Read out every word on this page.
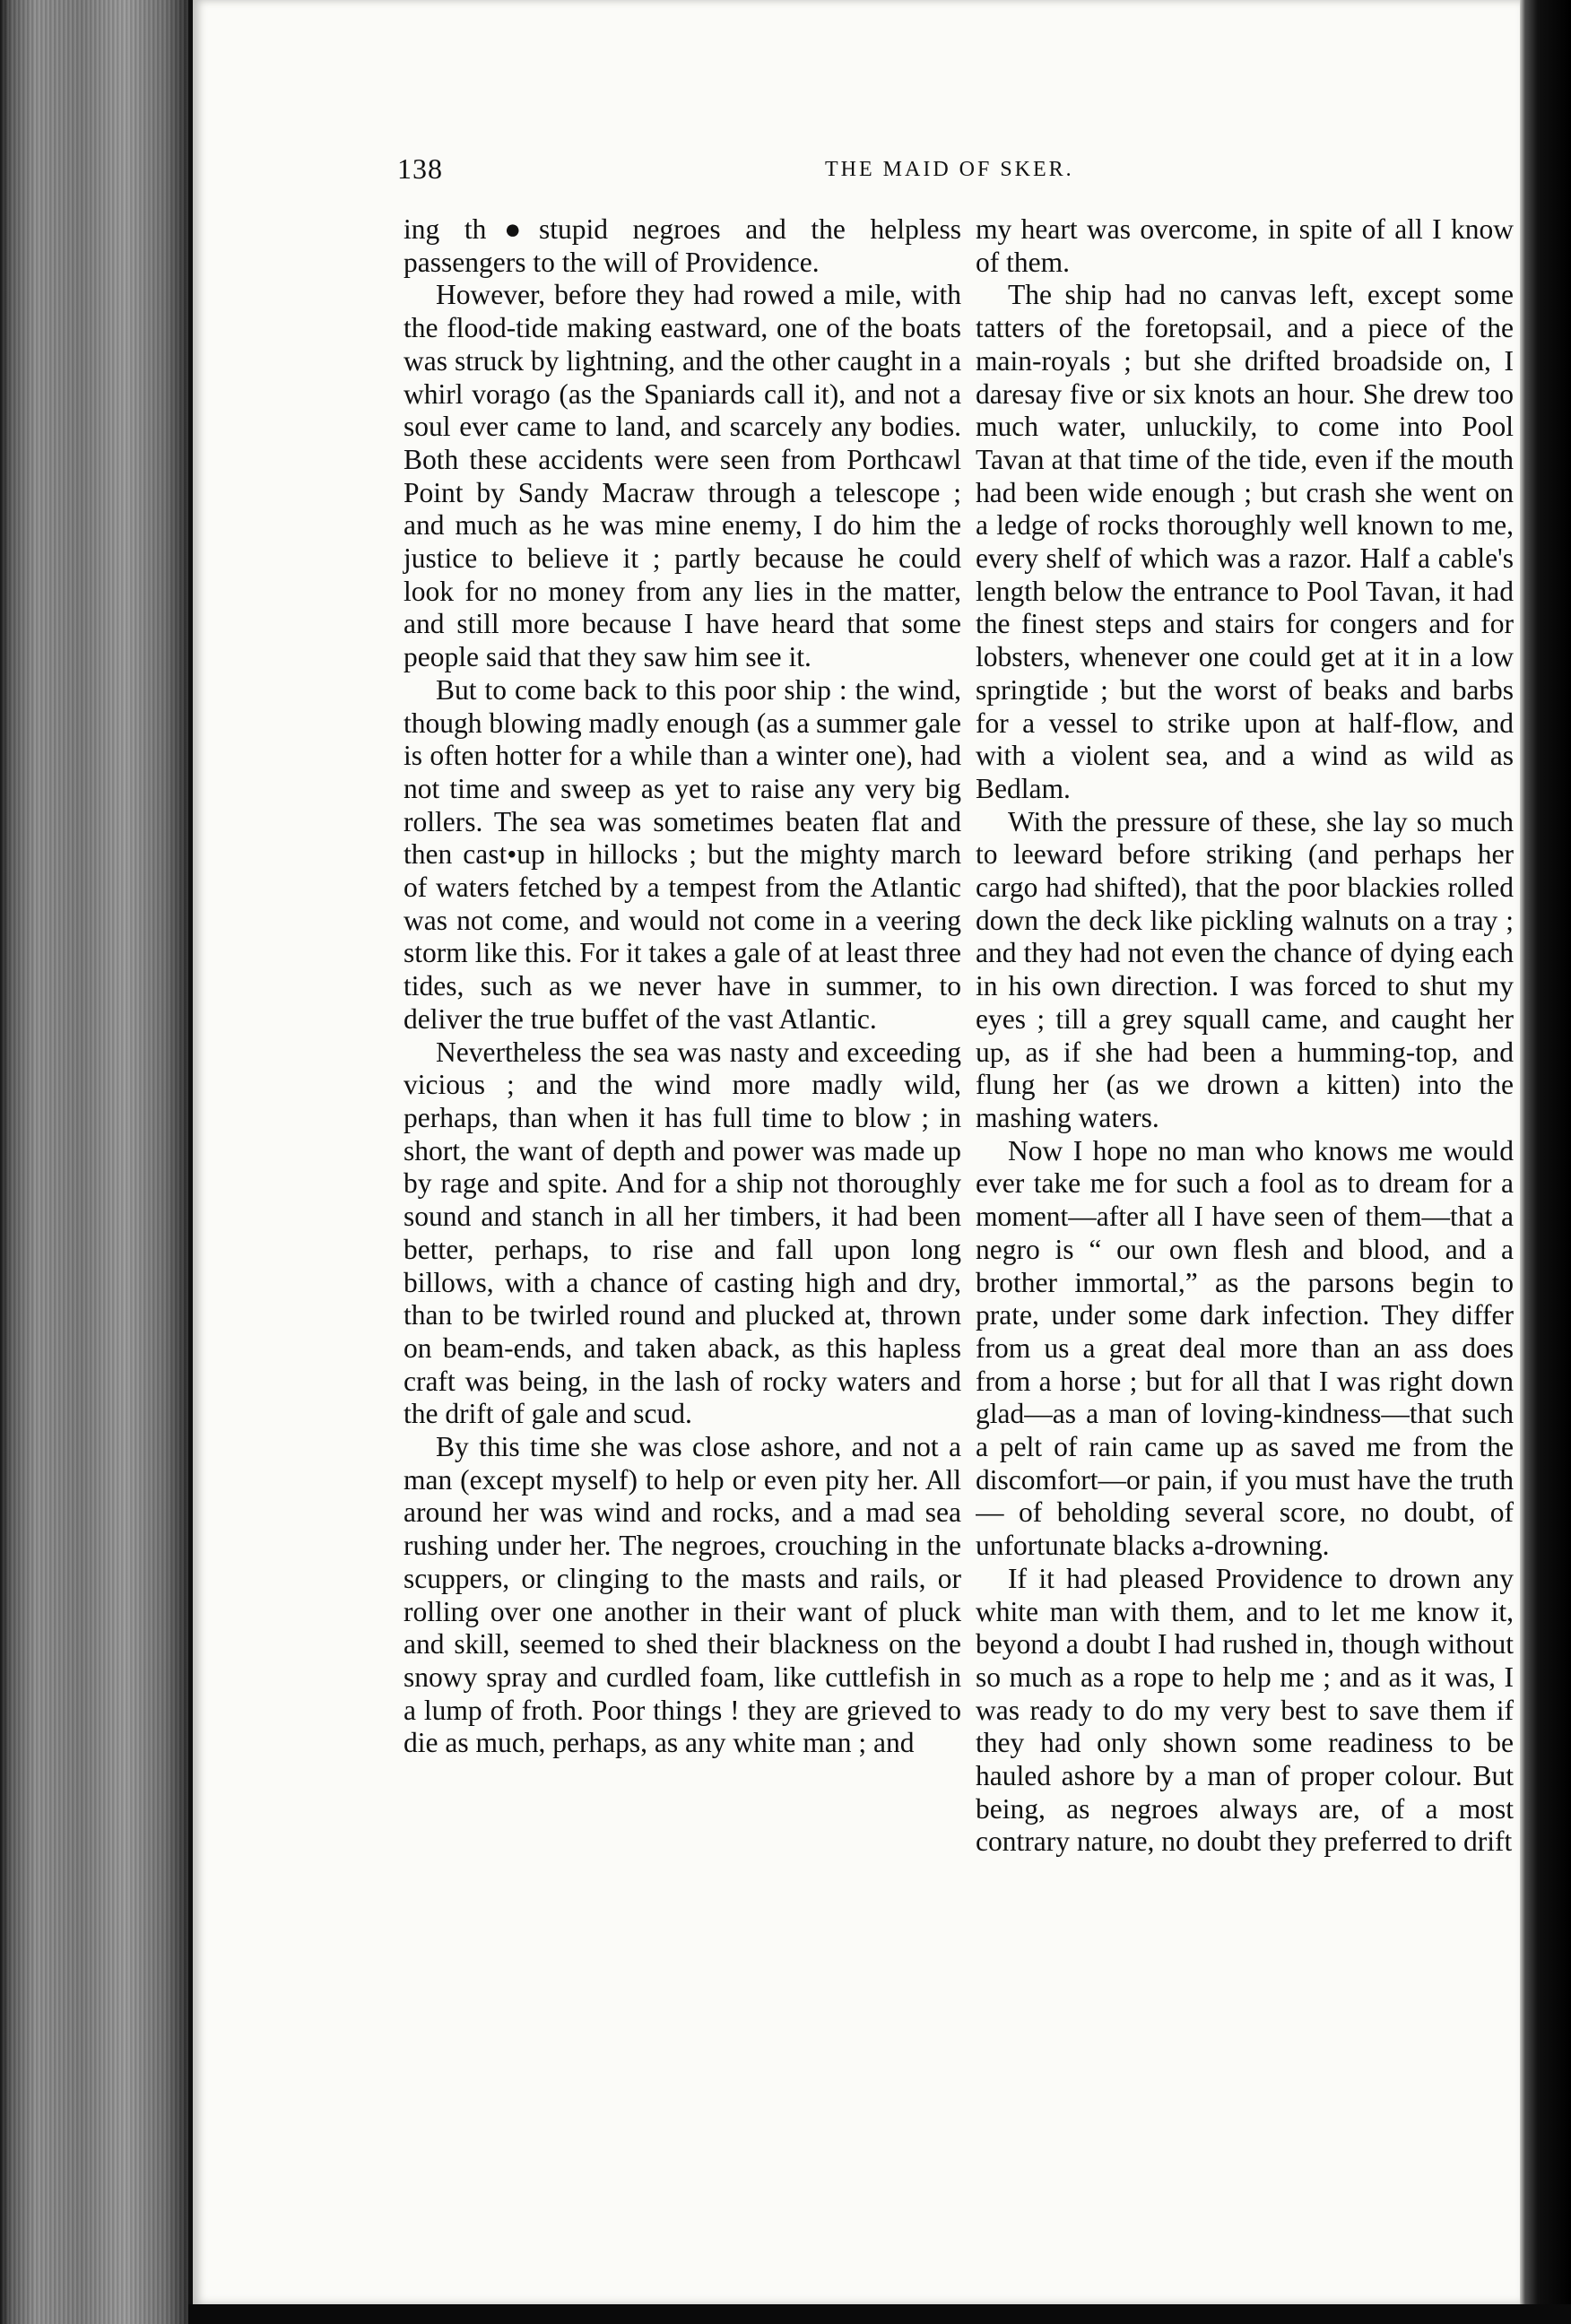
138	THE MAID OF SKER.

ing th●stupid negroes and the helpless passengers to the will of Providence.

However, before they had rowed a mile, with the flood-tide making eastward, one of the boats was struck by lightning, and the other caught in a whirl vorago (as the Spaniards call it), and not a soul ever came to land, and scarcely any bodies. Both these accidents were seen from Porthcawl Point by Sandy Macraw through a telescope ; and much as he was mine enemy, I do him the justice to believe it ; partly because he could look for no money from any lies in the matter, and still more because I have heard that some people said that they saw him see it.

But to come back to this poor ship : the wind, though blowing madly enough (as a summer gale is often hotter for a while than a winter one), had not time and sweep as yet to raise any very big rollers. The sea was sometimes beaten flat and then cast•up in hillocks ; but the mighty march of waters fetched by a tempest from the Atlantic was not come, and would not come in a veering storm like this. For it takes a gale of at least three tides, such as we never have in summer, to deliver the true buffet of the vast Atlantic.

Nevertheless the sea was nasty and exceeding vicious ; and the wind more madly wild, perhaps, than when it has full time to blow ; in short, the want of depth and power was made up by rage and spite. And for a ship not thoroughly sound and stanch in all her timbers, it had been better, perhaps, to rise and fall upon long billows, with a chance of casting high and dry, than to be twirled round and plucked at, thrown on beam-ends, and taken aback, as this hapless craft was being, in the lash of rocky waters and the drift of gale and scud.

By this time she was close ashore, and not a man (except myself) to help or even pity her. All around her was wind and rocks, and a mad sea rushing under her. The negroes, crouching in the scuppers, or clinging to the masts and rails, or rolling over one another in their want of pluck and skill, seemed to shed their blackness on the snowy spray and curdled foam, like cuttlefish in a lump of froth. Poor things ! they are grieved to die as much, perhaps, as any white man ; and

my heart was overcome, in spite of all I know of them.

The ship had no canvas left, except some tatters of the foretopsail, and a piece of the main-royals ; but she drifted broadside on, I daresay five or six knots an hour. She drew too much water, unluckily, to come into Pool Tavan at that time of the tide, even if the mouth had been wide enough ; but crash she went on a ledge of rocks thoroughly well known to me, every shelf of which was a razor. Half a cable's length below the entrance to Pool Tavan, it had the finest steps and stairs for congers and for lobsters, whenever one could get at it in a low springtide ; but the worst of beaks and barbs for a vessel to strike upon at half-flow, and with a violent sea, and a wind as wild as Bedlam.

With the pressure of these, she lay so much to leeward before striking (and perhaps her cargo had shifted), that the poor blackies rolled down the deck like pickling walnuts on a tray ; and they had not even the chance of dying each in his own direction. I was forced to shut my eyes ; till a grey squall came, and caught her up, as if she had been a humming-top, and flung her (as we drown a kitten) into the mashing waters.

Now I hope no man who knows me would ever take me for such a fool as to dream for a moment—after all I have seen of them—that a negro is “ our own flesh and blood, and a brother immortal,” as the parsons begin to prate, under some dark infection. They differ from us a great deal more than an ass does from a horse ; but for all that I was right down glad—as a man of loving-kindness—that such a pelt of rain came up as saved me from the discomfort—or pain, if you must have the truth — of beholding several score, no doubt, of unfortunate blacks a-drowning.

If it had pleased Providence to drown any white man with them, and to let me know it, beyond a doubt I had rushed in, though without so much as a rope to help me ; and as it was, I was ready to do my very best to save them if they had only shown some readiness to be hauled ashore by a man of proper colour. But being, as negroes always are, of a most contrary nature, no doubt they preferred to drift
